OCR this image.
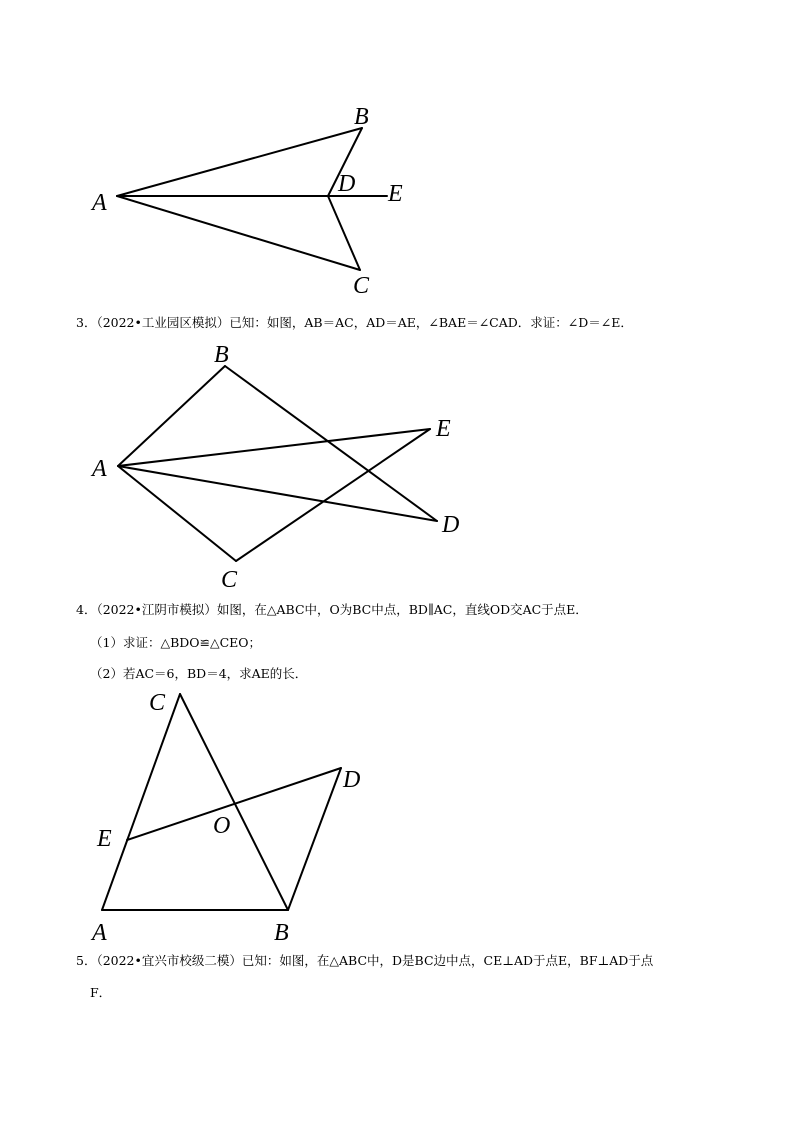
A
B
D E
C
3．（2022•工业园区模拟）已知：如图，AB＝AC，AD＝AE，∠BAE＝∠CAD．求证：∠D＝∠E．
A
B
E
D
C
4．（2022•江阴市模拟）如图，在△ABC中，O为BC中点，BD∥AC，直线OD交AC于点E．
（1）求证：△BDO≌△CEO；
（2）若AC＝6，BD＝4，求AE的长．
C
D
E	O
A	B
5．（2022•宜兴市校级二模）已知：如图，在△ABC中，D是BC边中点，CE⊥AD于点E，BF⊥AD于点
F．
